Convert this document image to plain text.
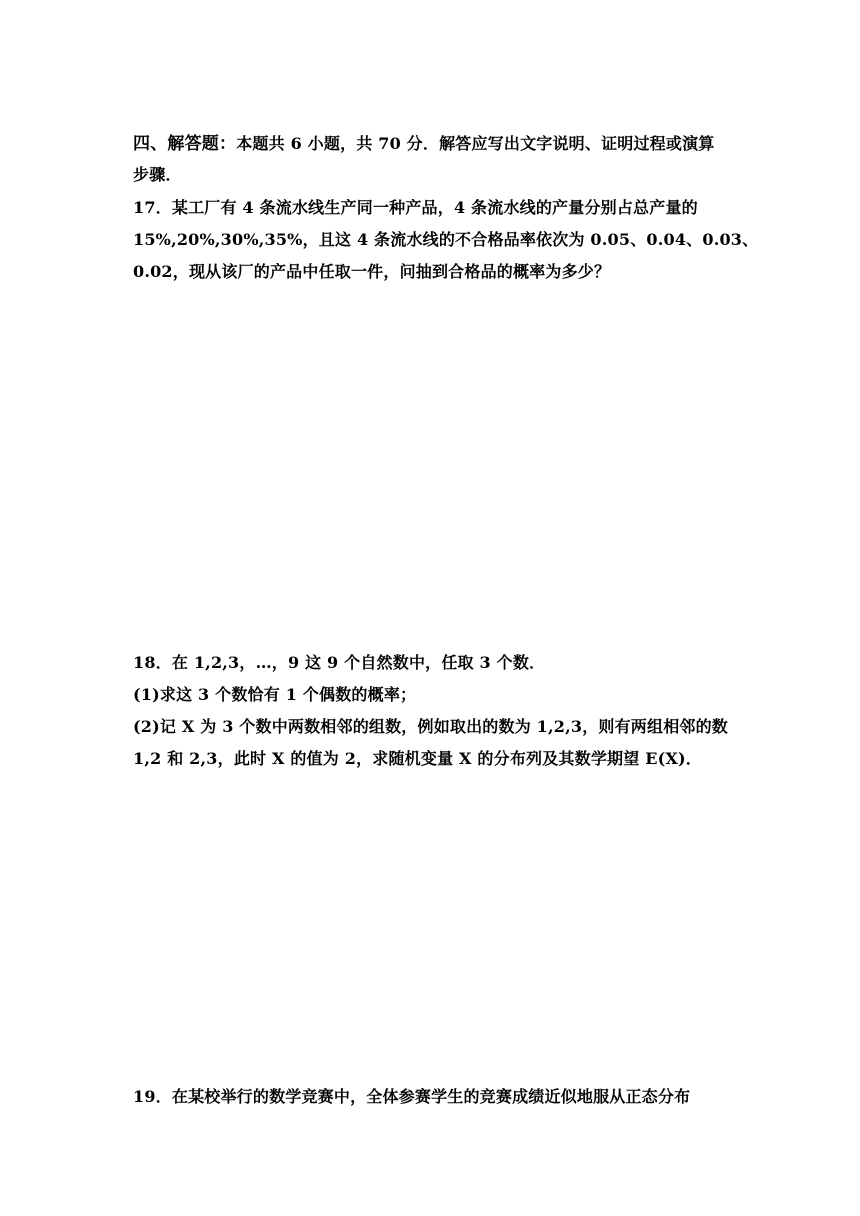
四、解答题：本题共 6 小题，共 70 分．解答应写出文字说明、证明过程或演算
步骤．
17．某工厂有 4 条流水线生产同一种产品，4 条流水线的产量分别占总产量的
15%,20%,30%,35%，且这 4 条流水线的不合格品率依次为 0.05、0.04、0.03、
0.02，现从该厂的产品中任取一件，问抽到合格品的概率为多少？
18．在 1,2,3，…，9 这 9 个自然数中，任取 3 个数．
(1)求这 3 个数恰有 1 个偶数的概率；
(2)记 X 为 3 个数中两数相邻的组数，例如取出的数为 1,2,3，则有两组相邻的数
1,2 和 2,3，此时 X 的值为 2，求随机变量 X 的分布列及其数学期望 E(X)．
19．在某校举行的数学竞赛中，全体参赛学生的竞赛成绩近似地服从正态分布
